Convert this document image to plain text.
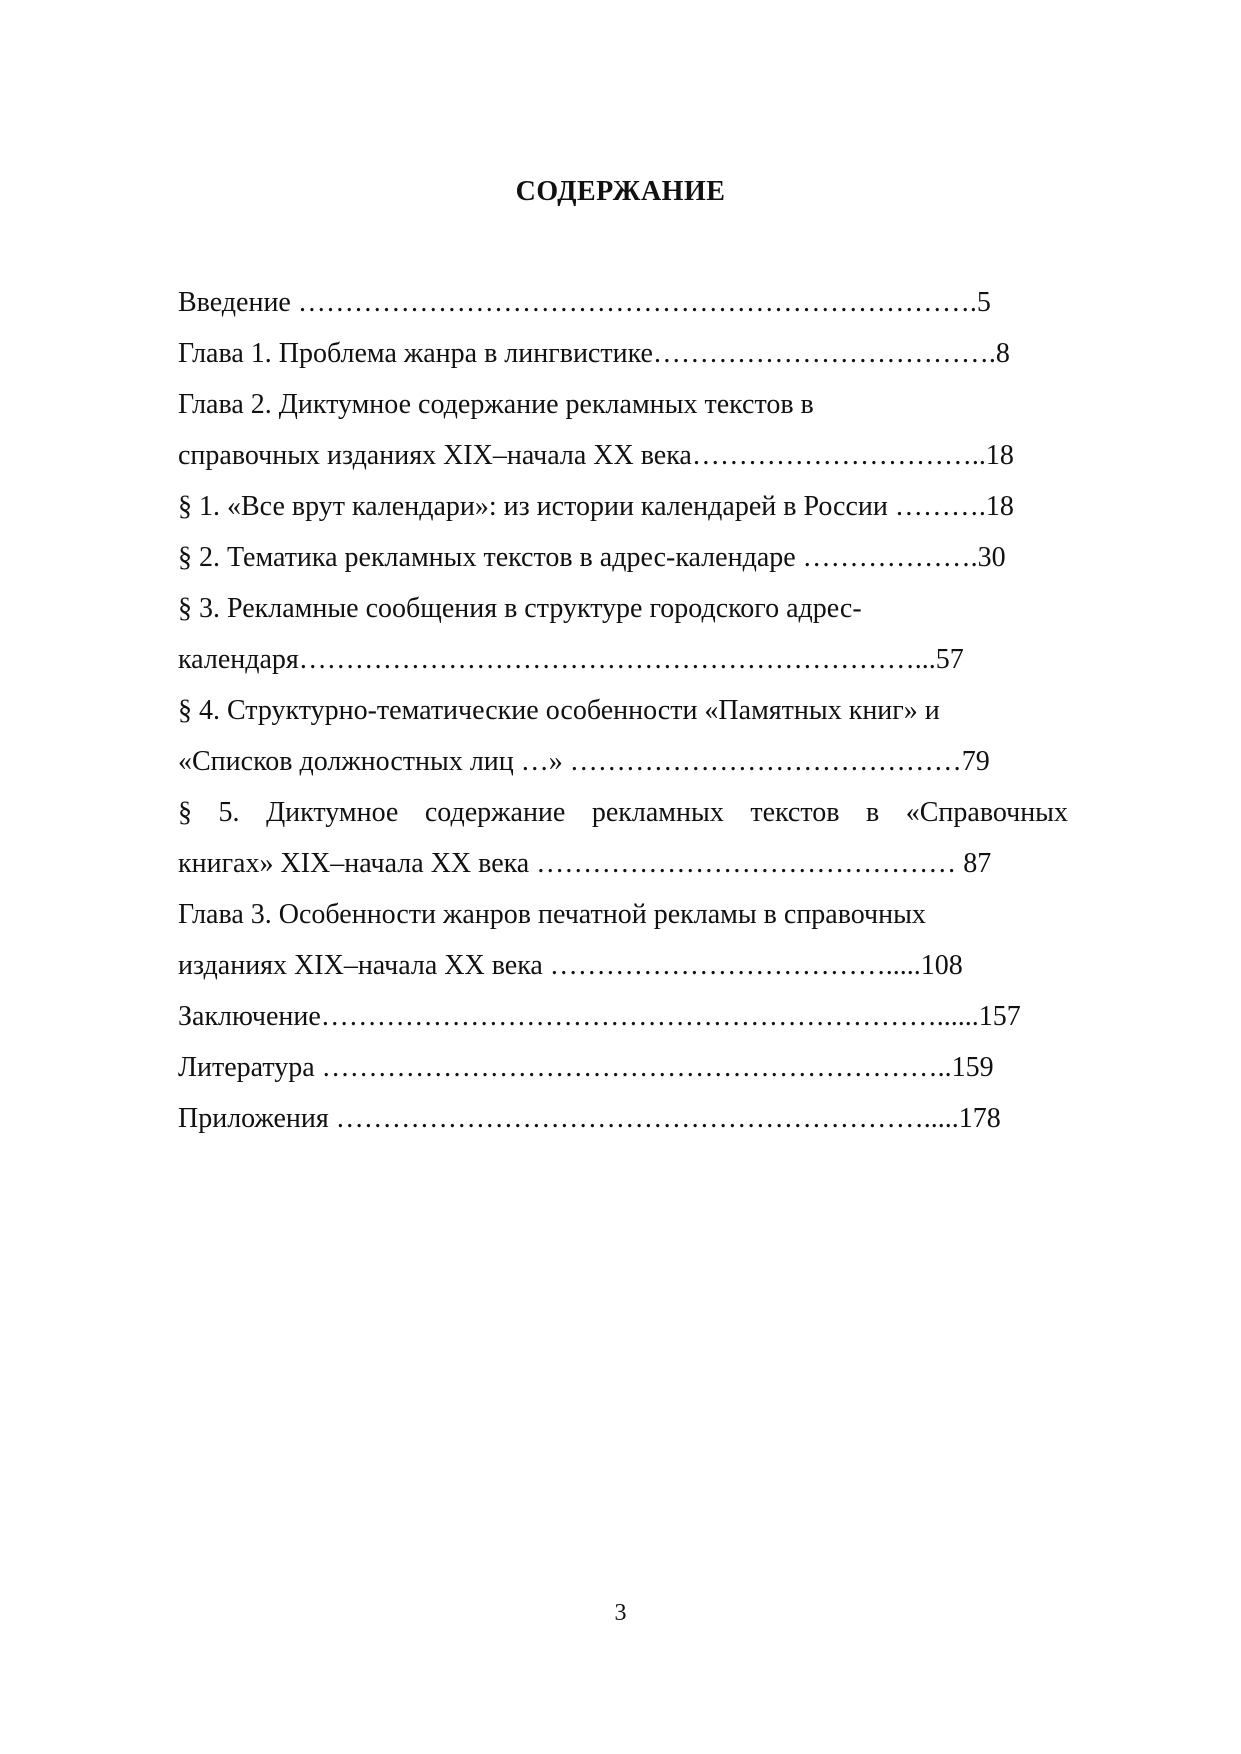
СОДЕРЖАНИЕ
Введение ……………………………………………………………….5
Глава 1. Проблема жанра в лингвистике……………………………….8
Глава 2. Диктумное содержание рекламных текстов в
справочных изданиях XIX–начала XX века…………………………..18
§ 1. «Все врут календари»: из истории календарей в России ……….18
§ 2. Тематика рекламных текстов в адрес-календаре ……………….30
§ 3. Рекламные сообщения в структуре городского адрес-
календаря…………………………………………………………...57
§ 4. Структурно-тематические особенности «Памятных книг» и
«Списков должностных лиц …» ……………………………………79
§ 5. Диктумное содержание рекламных текстов в «Справочных
книгах» XIX–начала XX века ……………………………………… 87
Глава 3. Особенности жанров печатной рекламы в справочных
изданиях XIX–начала XX века ……………………………….....108
Заключение…………………………………………………………......157
Литература …………………………………………………………..159
Приложения ……………………………………………………….....178
3
